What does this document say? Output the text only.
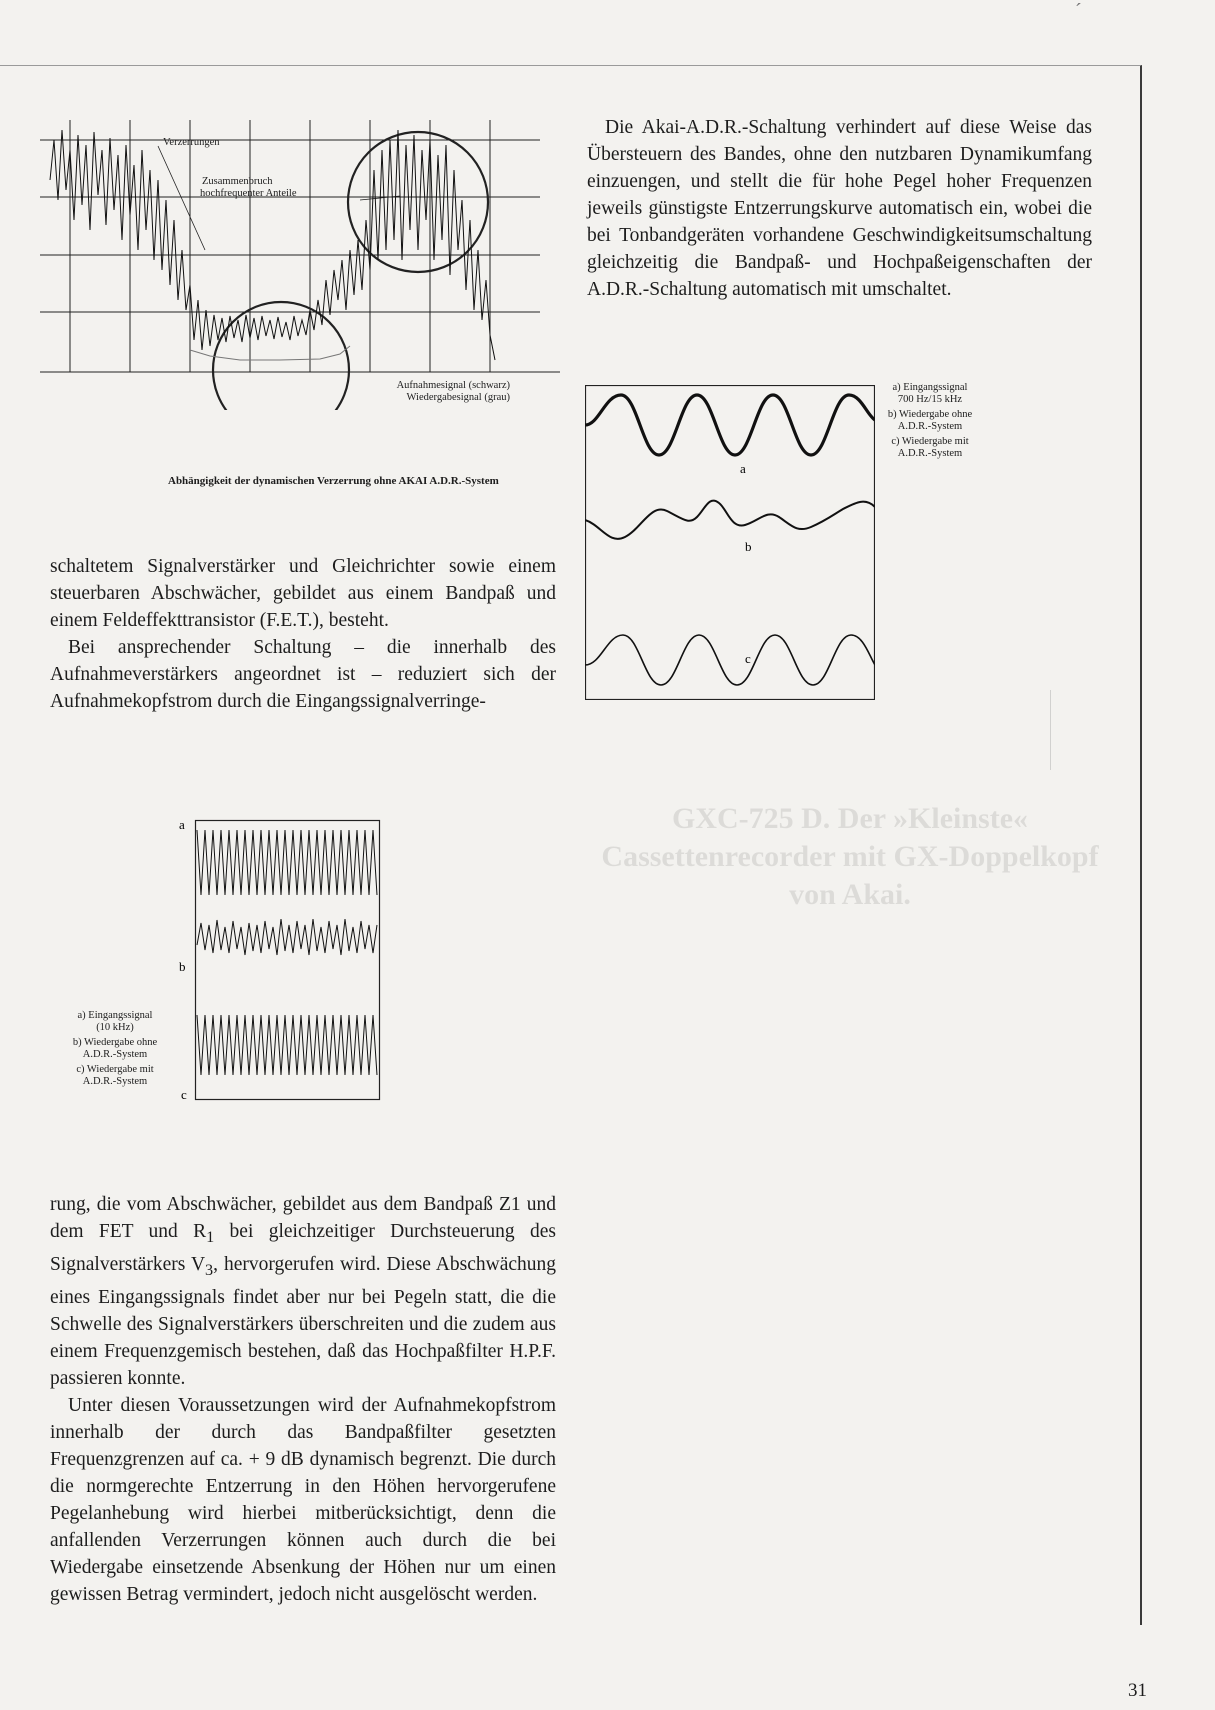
GXC-725 D. Der »Kleinste« Cassettenrecorder mit GX-Doppelkopf von Akai.
ˊ
Verzerrungen
Zusammenbruch
hochfrequenter Anteile
Aufnahmesignal (schwarz)
Wiedergabesignal (grau)
Abhängigkeit der dynamischen Verzerrung ohne AKAI A.D.R.-System

Die Akai-A.D.R.-Schaltung verhindert auf diese Weise das Übersteuern des Bandes, ohne den nutzbaren Dynamikumfang einzuengen, und stellt die für hohe Pegel hoher Frequenzen jeweils günstigste Entzerrungskurve automatisch ein, wobei die bei Tonbandgeräten vorhandene Geschwindigkeitsumschaltung gleichzeitig die Bandpaß- und Hochpaßeigenschaften der A.D.R.-Schaltung automatisch mit umschaltet.

a
b
c
a) Eingangssignal
700 Hz/15 kHz
b) Wiedergabe ohne
A.D.R.-System
c) Wiedergabe mit
A.D.R.-System

schaltetem Signalverstärker und Gleichrichter sowie einem steuerbaren Abschwächer, gebildet aus einem Bandpaß und einem Feldeffekttransistor (F.E.T.), besteht.

Bei ansprechender Schaltung – die innerhalb des Aufnahmeverstärkers angeordnet ist – reduziert sich der Aufnahmekopfstrom durch die Eingangssignalverringe-

a
b
c
a) Eingangssignal
(10 kHz)
b) Wiedergabe ohne
A.D.R.-System
c) Wiedergabe mit
A.D.R.-System

rung, die vom Abschwächer, gebildet aus dem Bandpaß Z1 und dem FET und $R_1$ bei gleichzeitiger Durchsteuerung des Signalverstärkers $V_3$, hervorgerufen wird. Diese Abschwächung eines Eingangssignals findet aber nur bei Pegeln statt, die die Schwelle des Signalverstärkers überschreiten und die zudem aus einem Frequenzgemisch bestehen, daß das Hochpaßfilter H.P.F. passieren konnte.

Unter diesen Voraussetzungen wird der Aufnahmekopfstrom innerhalb der durch das Bandpaßfilter gesetzten Frequenzgrenzen auf ca. + 9 dB dynamisch begrenzt. Die durch die normgerechte Entzerrung in den Höhen hervorgerufene Pegelanhebung wird hierbei mitberücksichtigt, denn die anfallenden Verzerrungen können auch durch die bei Wiedergabe einsetzende Absenkung der Höhen nur um einen gewissen Betrag vermindert, jedoch nicht ausgelöscht werden.

31
